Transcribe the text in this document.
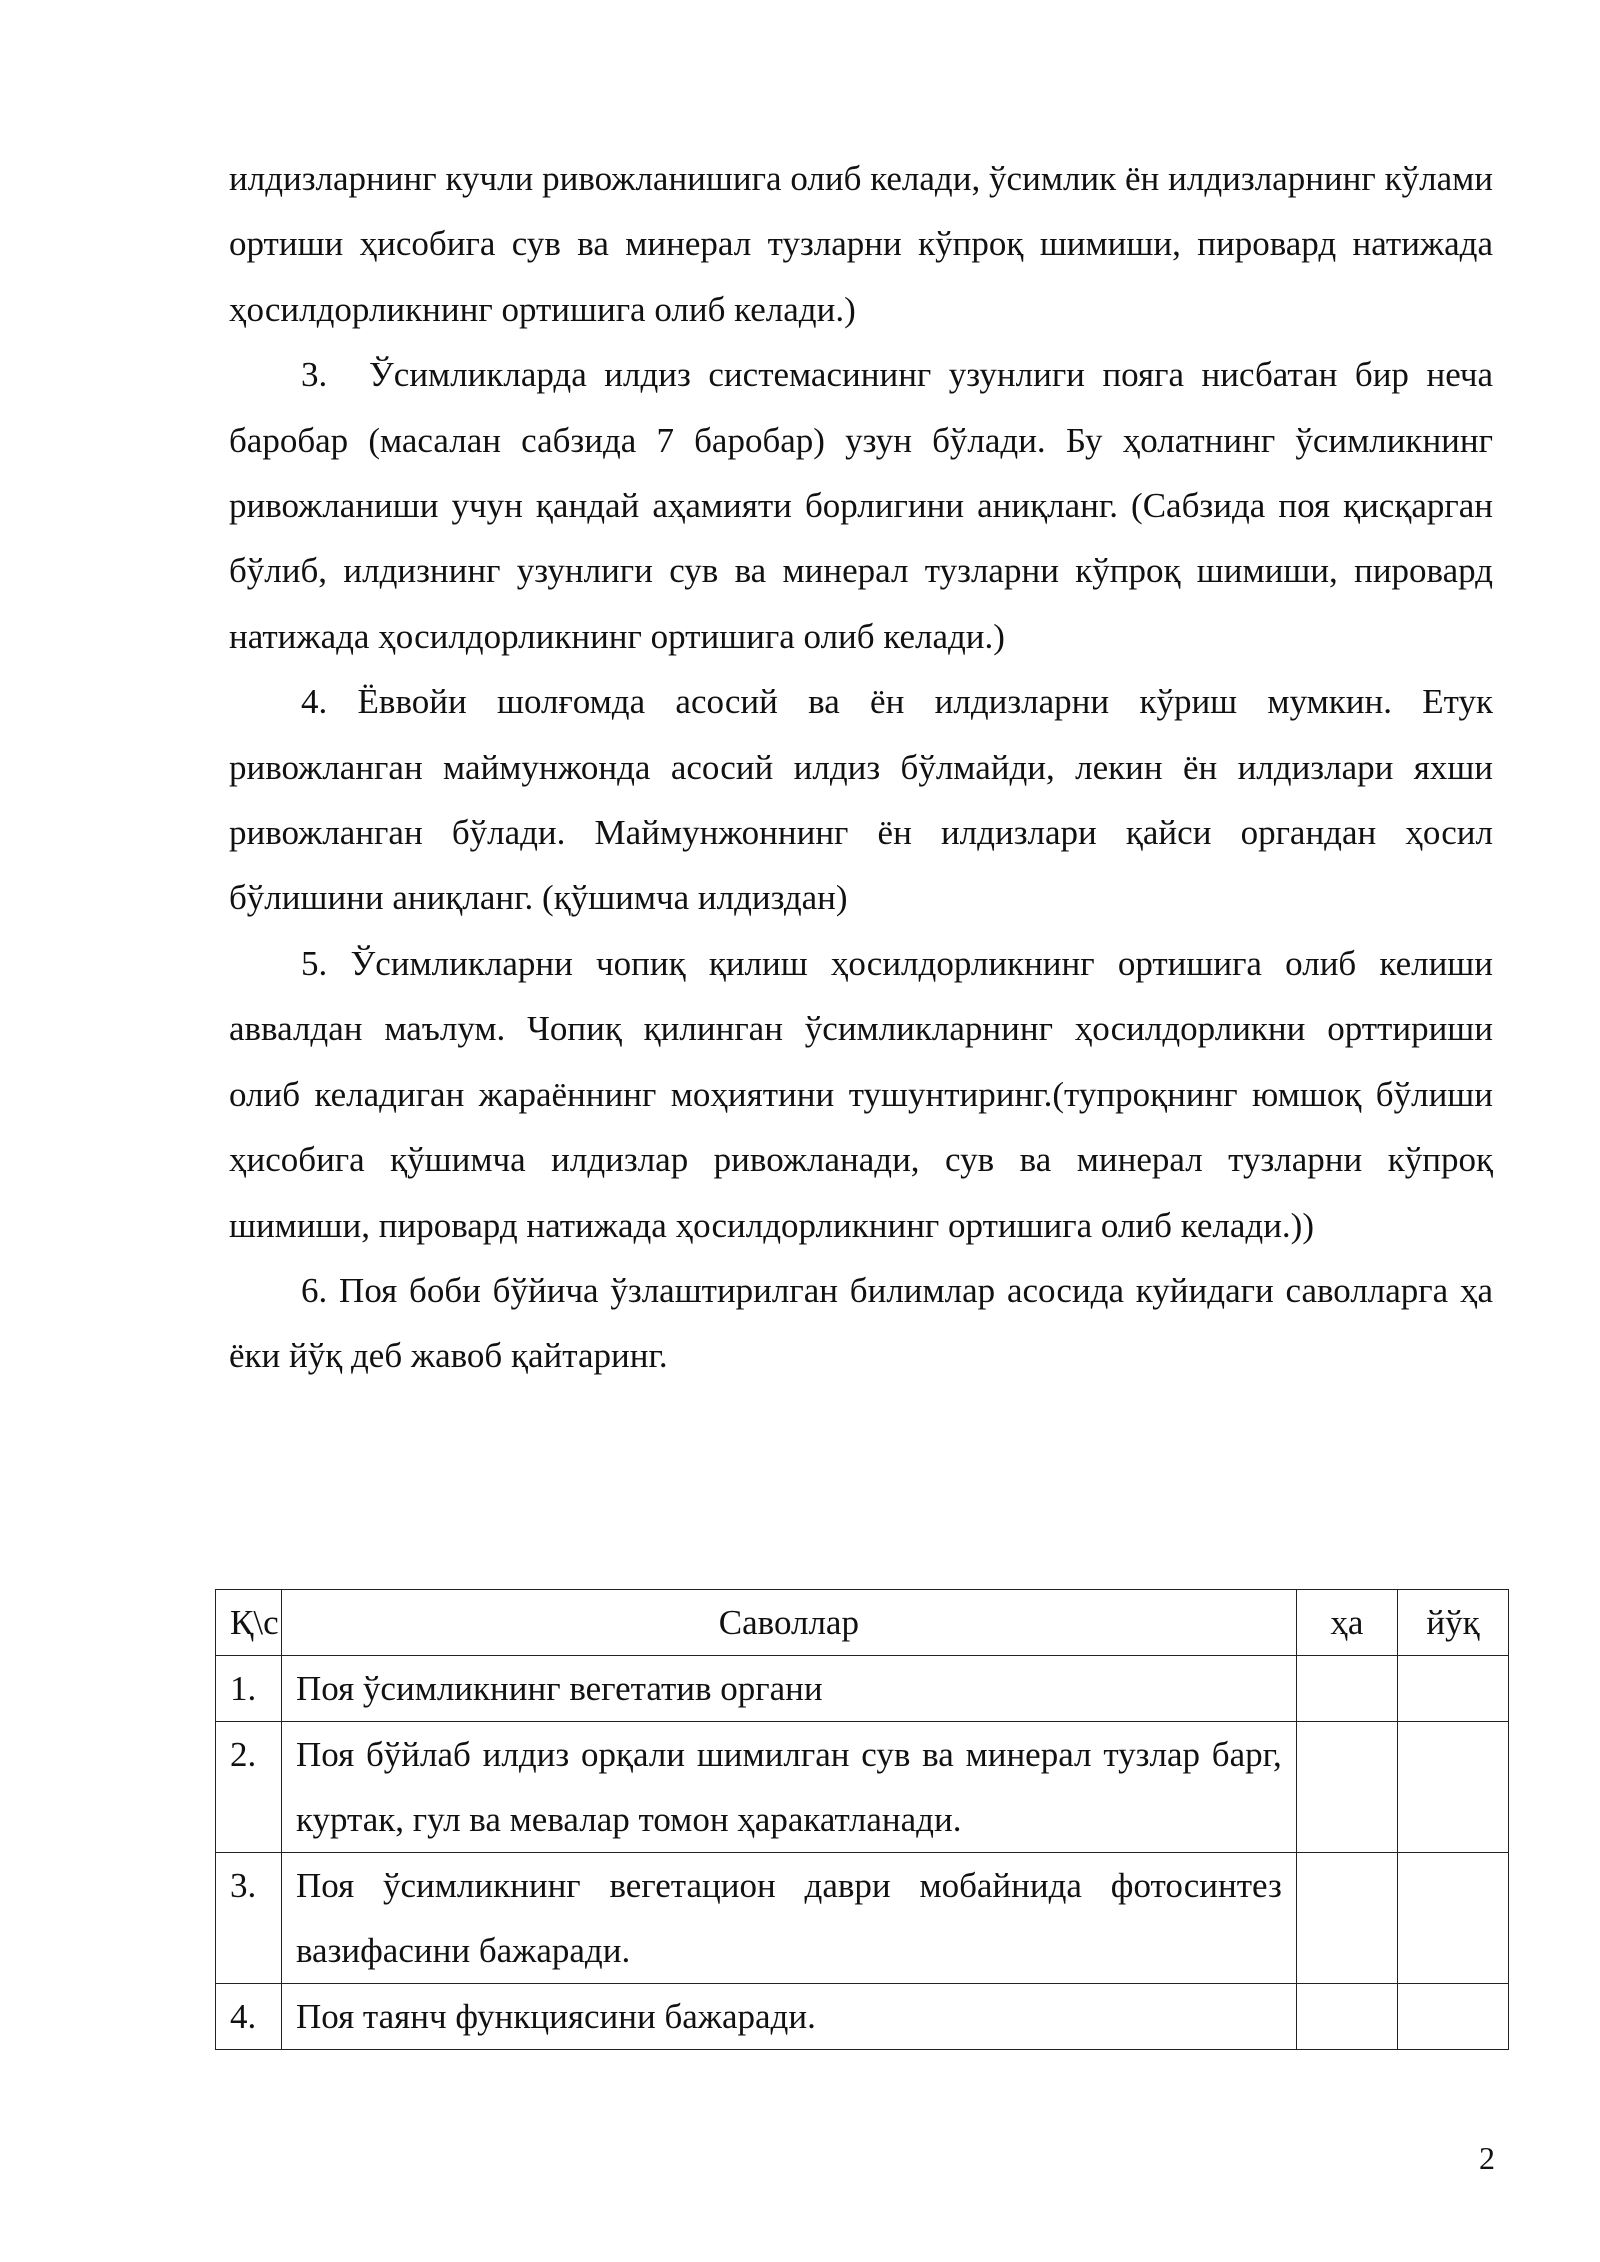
илдизларнинг кучли ривожланишига олиб келади, ўсимлик ён илдизларнинг кўлами ортиши ҳисобига сув ва минерал тузларни кўпроқ шимиши, пировард натижада ҳосилдорликнинг ортишига олиб келади.)

3. Ўсимликларда илдиз системасининг узунлиги пояга нисбатан бир неча баробар (масалан сабзида 7 баробар) узун бўлади. Бу ҳолатнинг ўсимликнинг ривожланиши учун қандай аҳамияти борлигини аниқланг. (Сабзида поя қисқарган бўлиб, илдизнинг узунлиги сув ва минерал тузларни кўпроқ шимиши, пировард натижада ҳосилдорликнинг ортишига олиб келади.)

4. Ёввойи шолғомда асосий ва ён илдизларни кўриш мумкин. Етук ривожланган маймунжонда асосий илдиз бўлмайди, лекин ён илдизлари яхши ривожланган бўлади. Маймунжоннинг ён илдизлари қайси органдан ҳосил бўлишини аниқланг. (қўшимча илдиздан)

5. Ўсимликларни чопиқ қилиш ҳосилдорликнинг ортишига олиб келиши аввалдан маълум. Чопиқ қилинган ўсимликларнинг ҳосилдорликни орттириши олиб келадиган жараённинг моҳиятини тушунтиринг.(тупроқнинг юмшоқ бўлиши ҳисобига қўшимча илдизлар ривожланади, сув ва минерал тузларни кўпроқ шимиши, пировард натижада ҳосилдорликнинг ортишига олиб келади.))

6. Поя боби бўйича ўзлаштирилган билимлар асосида куйидаги саволларга ҳа ёки йўқ деб жавоб қайтаринг.

Қ\с	Саволлар	ҳа	йўқ
1.	Поя ўсимликнинг вегетатив органи		
2.	Поя бўйлаб илдиз орқали шимилган сув ва минерал тузлар барг, куртак, гул ва мевалар томон ҳаракатланади.		
3.	Поя ўсимликнинг вегетацион даври мобайнида фотосинтез вазифасини бажаради.		
4.	Поя таянч функциясини бажаради.		
2
